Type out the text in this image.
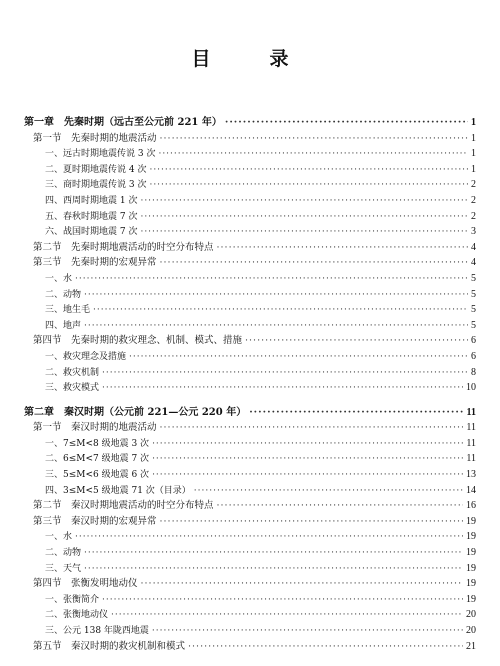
目　录
第一章　先秦时期（远古至公元前 221 年） ·····	1
第一节　先秦时期的地震活动 ·····	1
一、远古时期地震传说 3 次 ·····	1
二、夏时期地震传说 4 次 ·····	1
三、商时期地震传说 3 次 ·····	2
四、西周时期地震 1 次 ·····	2
五、春秋时期地震 7 次 ·····	2
六、战国时期地震 7 次 ·····	3
第二节　先秦时期地震活动的时空分布特点 ·····	4
第三节　先秦时期的宏观异常 ·····	4
一、水 ·····	5
二、动物 ·····	5
三、地生毛 ·····	5
四、地声 ·····	5
第四节　先秦时期的救灾理念、机制、模式、措施 ·····	6
一、救灾理念及措施 ·····	6
二、救灾机制 ·····	8
三、救灾模式 ·····	10
第二章　秦汉时期（公元前 221—公元 220 年） ·····	11
第一节　秦汉时期的地震活动 ·····	11
一、7≤M<8 级地震 3 次 ·····	11
二、6≤M<7 级地震 7 次 ·····	11
三、5≤M<6 级地震 6 次 ·····	13
四、3≤M<5 级地震 71 次（目录） ·····	14
第二节　秦汉时期地震活动的时空分布特点 ·····	16
第三节　秦汉时期的宏观异常 ·····	19
一、水 ·····	19
二、动物 ·····	19
三、天气 ·····	19
第四节　张衡发明地动仪 ·····	19
一、张衡简介 ·····	19
二、张衡地动仪 ·····	20
三、公元 138 年陇西地震 ·····	20
第五节　秦汉时期的救灾机制和模式 ·····	21
